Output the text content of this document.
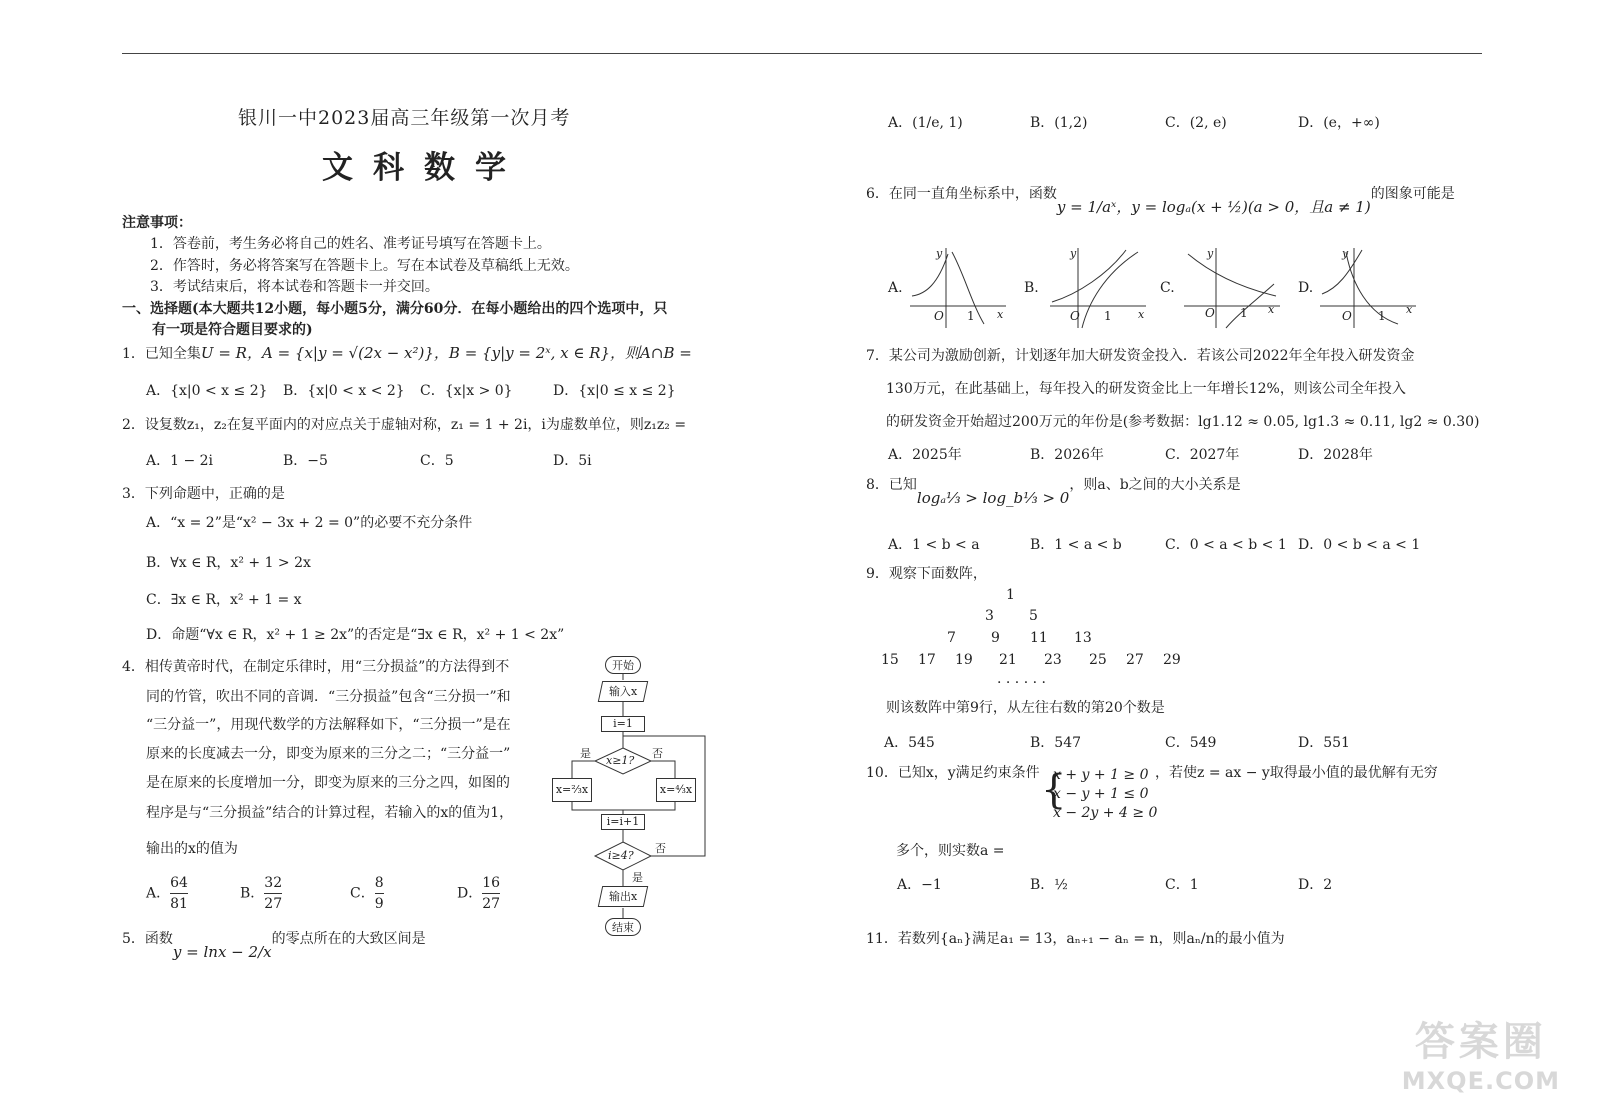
银川一中2023届高三年级第一次月考
文科数学
注意事项：
1．答卷前，考生务必将自己的姓名、准考证号填写在答题卡上。
2．作答时，务必将答案写在答题卡上。写在本试卷及草稿纸上无效。
3．考试结束后，将本试卷和答题卡一并交回。
一、选择题(本大题共12小题，每小题5分，满分60分．在每小题给出的四个选项中，只
有一项是符合题目要求的)
1．已知全集U = R，A = {x|y = √(2x − x²)}，B = {y|y = 2ˣ, x ∈ R}，则A∩B =
A．{x|0 < x ≤ 2} B．{x|0 < x < 2} C．{x|x > 0}	D．{x|0 ≤ x ≤ 2}
2．设复数z₁，z₂在复平面内的对应点关于虚轴对称，z₁ = 1 + 2i，i为虚数单位，则z₁z₂ =
A．1 − 2i	B．−5	C．5	D．5i
3．下列命题中，正确的是
A．“x = 2”是“x² − 3x + 2 = 0”的必要不充分条件
B．∀x ∈ R，x² + 1 > 2x
C．∃x ∈ R，x² + 1 = x
D．命题“∀x ∈ R，x² + 1 ≥ 2x”的否定是“∃x ∈ R，x² + 1 < 2x”
4．相传黄帝时代，在制定乐律时，用“三分损益”的方法得到不
同的竹管，吹出不同的音调．“三分损益”包含“三分损一”和
“三分益一”，用现代数学的方法解释如下，“三分损一”是在
原来的长度减去一分，即变为原来的三分之二；“三分益一”
是在原来的长度增加一分，即变为原来的三分之四，如图的
程序是与“三分损益”结合的计算过程，若输入的x的值为1，
输出的x的值为
A． $\frac{64}{81}$	B． $\frac{32}{27}$	C． $\frac{8}{9}$	D． $\frac{16}{27}$
开始
输入x
i=1
x≥1?
是	否
x=⅔x	x=⁴⁄₃x
i=i+1
i≥4?
否
是
输出x
结束
5．函数y = lnx − 2/x的零点所在的大致区间是
A．(1/e, 1)	B．(1,2)	C．(2, e)	D．(e，+∞)
6．在同一直角坐标系中，函数y = 1/aˣ，y = logₐ(x + ½)(a > 0，且a ≠ 1)的图象可能是
A.	B.	C.	D.
y
x
O 1
y
x
O 1
y
x
O 1
y
x
O 1
7．某公司为激励创新，计划逐年加大研发资金投入．若该公司2022年全年投入研发资金
130万元，在此基础上，每年投入的研发资金比上一年增长12%，则该公司全年投入
的研发资金开始超过200万元的年份是(参考数据：lg1.12 ≈ 0.05, lg1.3 ≈ 0.11, lg2 ≈ 0.30)
A．2025年	B．2026年	C．2027年	D．2028年
8．已知logₐ⅓ > log_b⅓ > 0，则a、b之间的大小关系是
A．1 < b < a	B．1 < a < b	C．0 < a < b < 1 D．0 < b < a < 1
9．观察下面数阵，
1
3	5
7	9 11 13
15 17 19 21 23 25 27 29
· · · · · ·
则该数阵中第9行，从左往右数的第20个数是
A．545	B．547	C．549	D．551
10．已知x，y满足约束条件 {
x + y + 1 ≥ 0
x − y + 1 ≤ 0
x − 2y + 4 ≥ 0
，若使z = ax − y取得最小值的最优解有无穷
多个，则实数a =
A．−1	B．½	C．1	D．2
11．若数列{aₙ}满足a₁ = 13，aₙ₊₁ − aₙ = n，则aₙ/n的最小值为
答案圈
MXQE.COM
